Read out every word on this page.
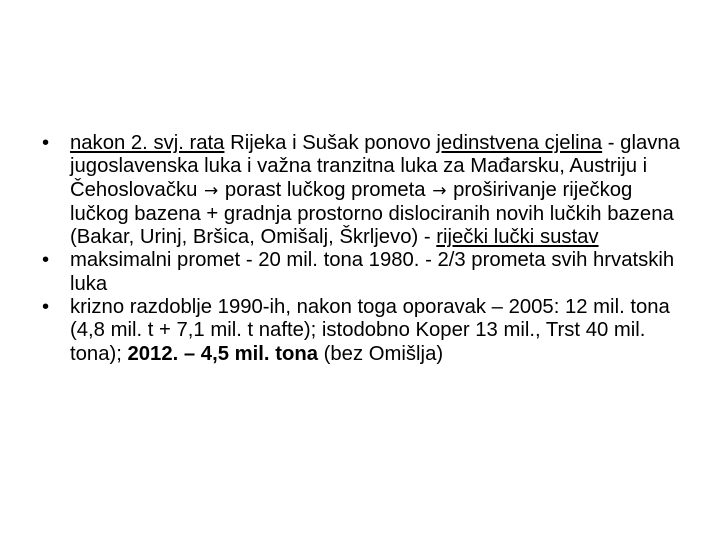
•	nakon 2. svj. rata Rijeka i Sušak ponovo jedinstvena cjelina - glavna jugoslavenska luka i važna tranzitna luka za Mađarsku, Austriju i Čehoslovačku → porast lučkog prometa → proširivanje riječkog lučkog bazena + gradnja prostorno dislociranih novih lučkih bazena (Bakar, Urinj, Bršica, Omišalj, Škrljevo) - riječki lučki sustav
•	maksimalni promet - 20 mil. tona 1980. - 2/3 prometa svih hrvatskih luka
•	krizno razdoblje 1990-ih, nakon toga oporavak – 2005: 12 mil. tona (4,8 mil. t + 7,1 mil. t nafte); istodobno Koper 13 mil., Trst 40 mil. tona); 2012. – 4,5 mil. tona (bez Omišlja)
